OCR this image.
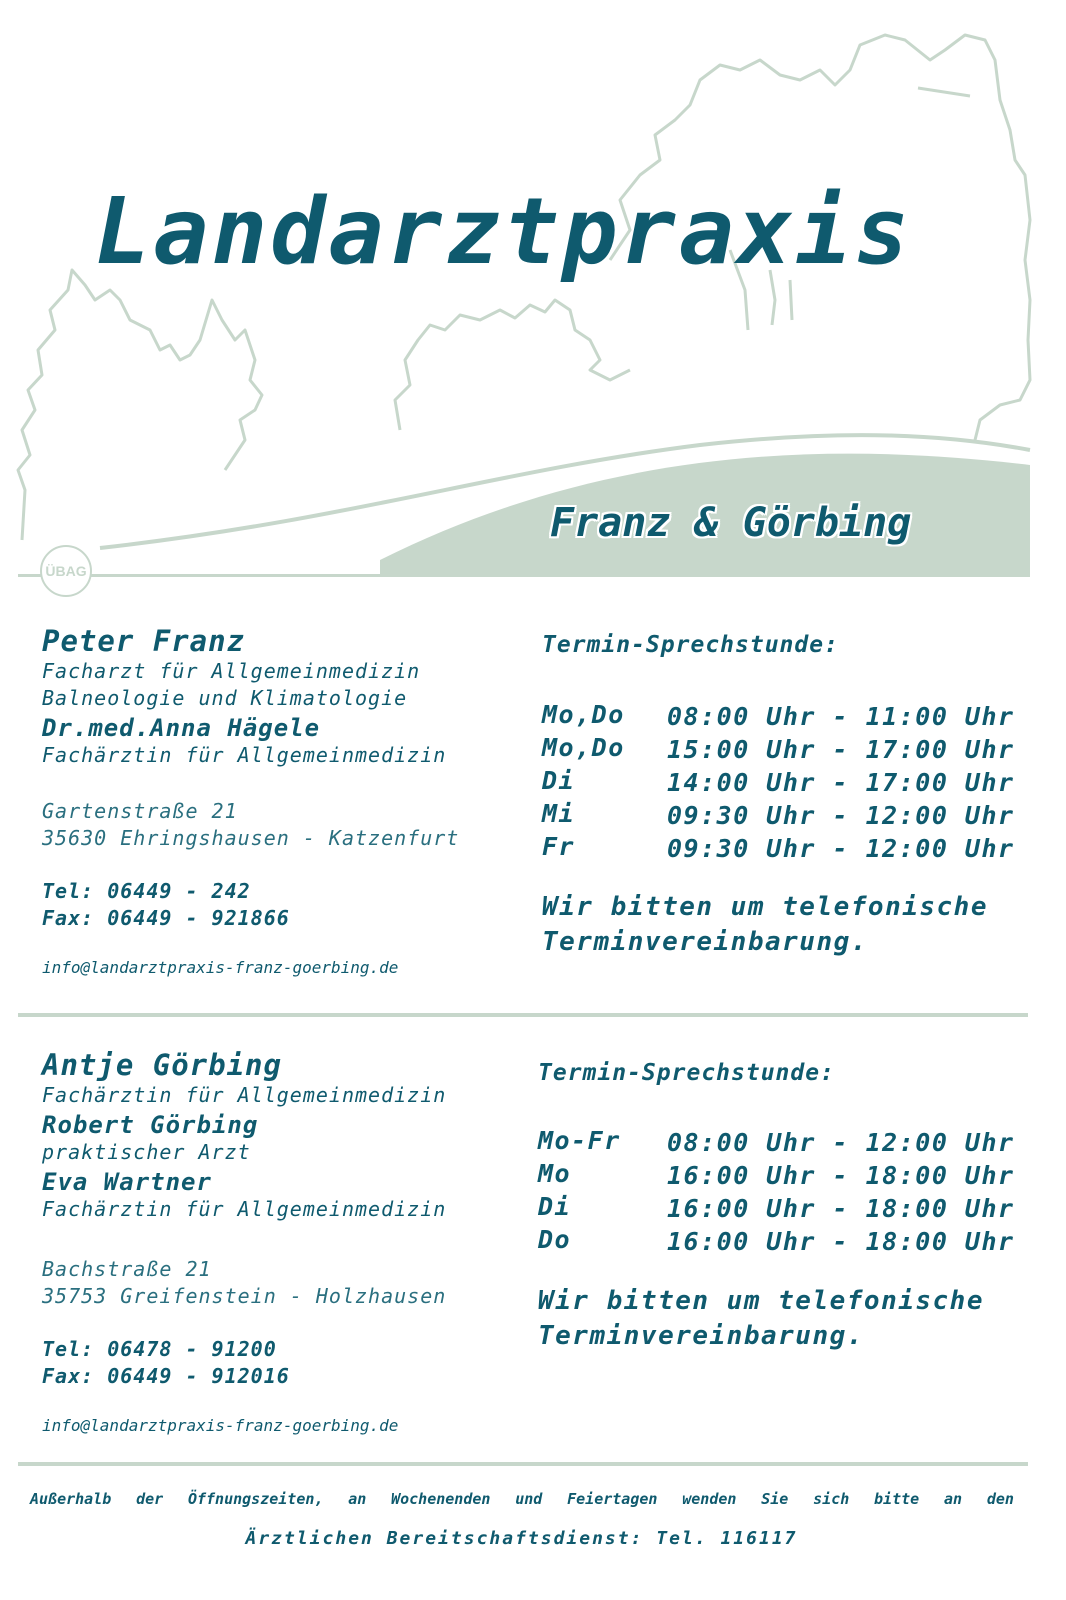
Landarztpraxis
Franz & Görbing
ÜBAG
Peter Franz
Facharzt für Allgemeinmedizin
Balneologie und Klimatologie
Dr.med.Anna Hägele
Fachärztin für Allgemeinmedizin
Gartenstraße 21
35630 Ehringshausen - Katzenfurt
Tel: 06449 - 242
Fax: 06449 - 921866
info@landarztpraxis-franz-goerbing.de
Termin-Sprechstunde:
Mo,Do 08:00 Uhr - 11:00 Uhr
Mo,Do 15:00 Uhr - 17:00 Uhr
Di	14:00 Uhr - 17:00 Uhr
Mi	09:30 Uhr - 12:00 Uhr
Fr	09:30 Uhr - 12:00 Uhr
Wir bitten um telefonische
Terminvereinbarung.
Antje Görbing
Fachärztin für Allgemeinmedizin
Robert Görbing
praktischer Arzt
Eva Wartner
Fachärztin für Allgemeinmedizin
Bachstraße 21
35753 Greifenstein - Holzhausen
Tel: 06478 - 91200
Fax: 06449 - 912016
info@landarztpraxis-franz-goerbing.de
Termin-Sprechstunde:
Mo-Fr 08:00 Uhr - 12:00 Uhr
Mo	16:00 Uhr - 18:00 Uhr
Di	16:00 Uhr - 18:00 Uhr
Do	16:00 Uhr - 18:00 Uhr
Wir bitten um telefonische
Terminvereinbarung.
Außerhalb der Öffnungszeiten, an Wochenenden und Feiertagen wenden Sie sich bitte an den
Ärztlichen Bereitschaftsdienst: Tel. 116117
